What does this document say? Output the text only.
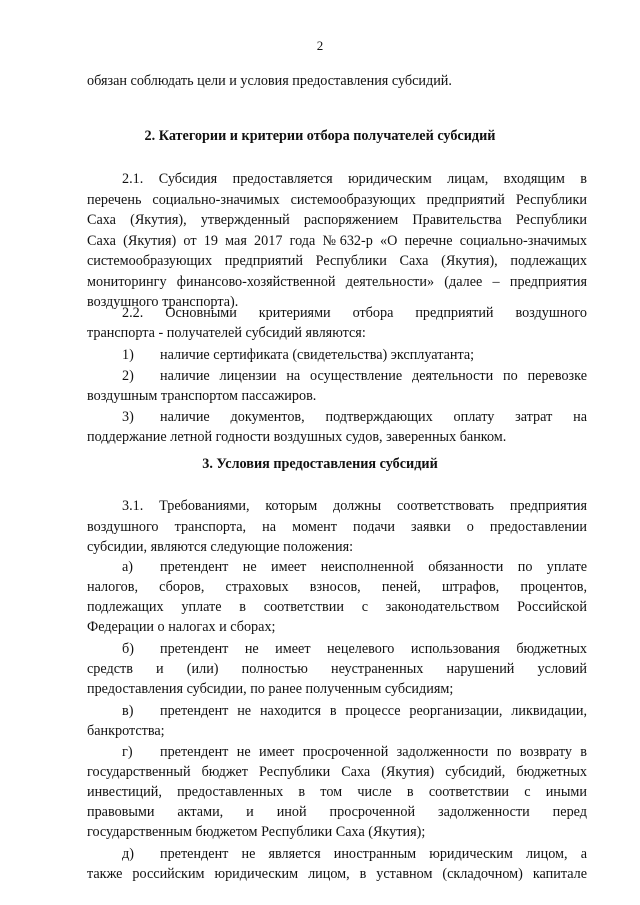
2
обязан соблюдать цели и условия предоставления субсидий.
2. Категории и критерии отбора получателей субсидий
2.1. Субсидия предоставляется юридическим лицам, входящим в
перечень социально-значимых системообразующих предприятий Республики
Саха (Якутия), утвержденный распоряжением Правительства Республики
Саха (Якутия) от 19 мая 2017 года №632-р «О перечне социально-значимых
системообразующих предприятий Республики Саха (Якутия), подлежащих
мониторингу финансово-хозяйственной деятельности» (далее – предприятия
воздушного транспорта).
2.2. Основными критериями отбора предприятий воздушного
транспорта - получателей субсидий являются:
1) наличие сертификата (свидетельства) эксплуатанта;
2) наличие лицензии на осуществление деятельности по перевозке
воздушным транспортом пассажиров.
3) наличие документов, подтверждающих оплату затрат на
поддержание летной годности воздушных судов, заверенных банком.
3. Условия предоставления субсидий
3.1. Требованиями, которым должны соответствовать предприятия
воздушного транспорта, на момент подачи заявки о предоставлении
субсидии, являются следующие положения:
а) претендент не имеет неисполненной обязанности по уплате
налогов, сборов, страховых взносов, пеней, штрафов, процентов,
подлежащих уплате в соответствии с законодательством Российской
Федерации о налогах и сборах;
б) претендент не имеет нецелевого использования бюджетных
средств и (или) полностью неустраненных нарушений условий
предоставления субсидии, по ранее полученным субсидиям;
в) претендент не находится в процессе реорганизации, ликвидации,
банкротства;
г) претендент не имеет просроченной задолженности по возврату в
государственный бюджет Республики Саха (Якутия) субсидий, бюджетных
инвестиций, предоставленных в том числе в соответствии с иными
правовыми актами, и иной просроченной задолженности перед
государственным бюджетом Республики Саха (Якутия);
д) претендент не является иностранным юридическим лицом, а
также российским юридическим лицом, в уставном (складочном) капитале
